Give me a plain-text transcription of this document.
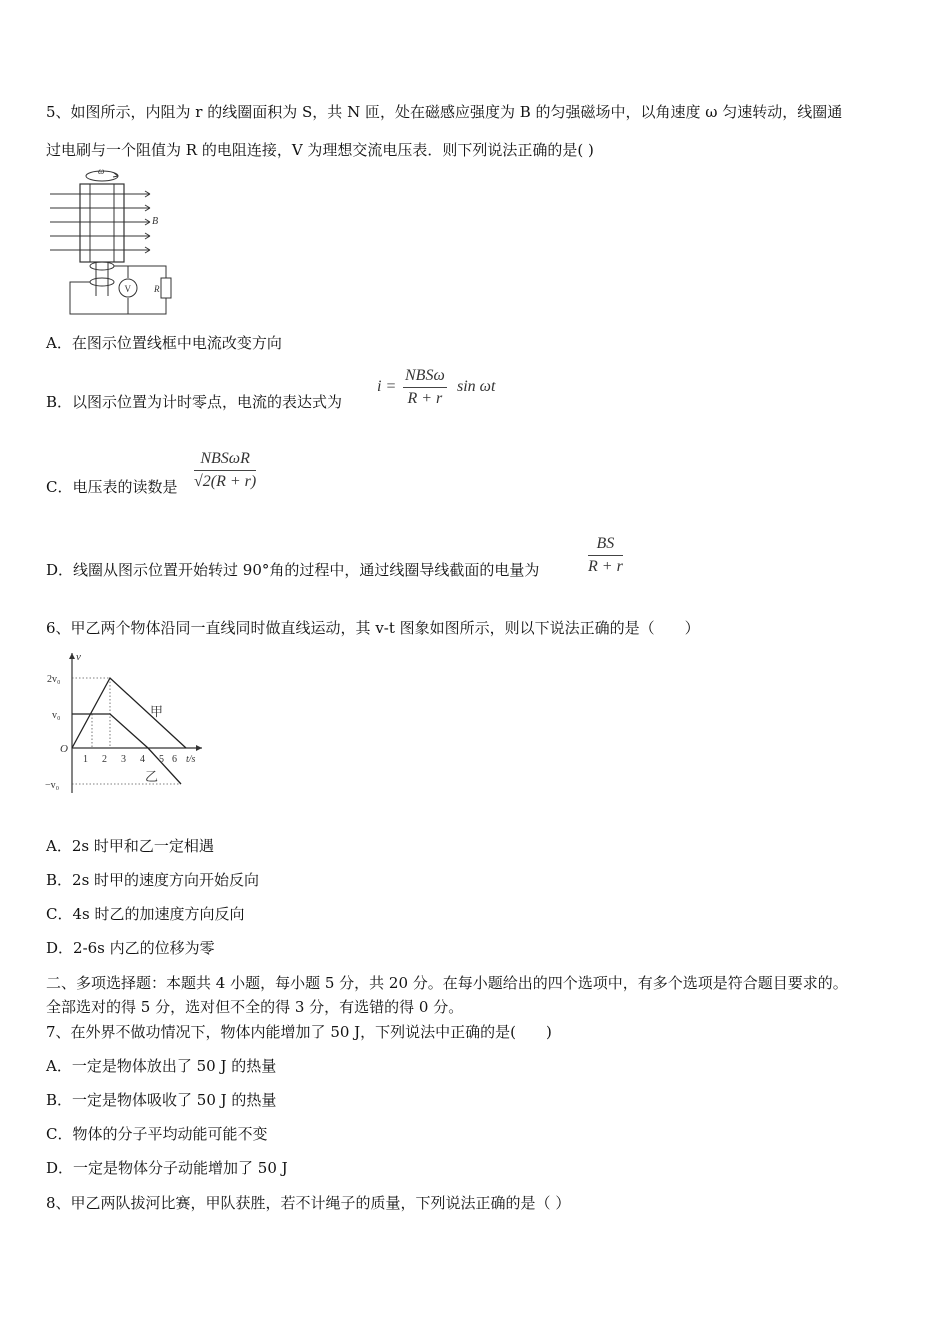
5、如图所示，内阻为 r 的线圈面积为 S，共 N 匝，处在磁感应强度为 B 的匀强磁场中，以角速度 ω 匀速转动，线圈通
过电刷与一个阻值为 R 的电阻连接，V 为理想交流电压表．则下列说法正确的是( )
ω
B
R
V
A．在图示位置线框中电流改变方向
B．以图示位置为计时零点，电流的表达式为
i =
NBSω
R + r
sin ωt
C．电压表的读数是
NBSωR
√2(R + r)
D．线圈从图示位置开始转过 90°角的过程中，通过线圈导线截面的电量为	$\frac{BS}{R + r}$
6、甲乙两个物体沿同一直线同时做直线运动，其 v-t 图象如图所示，则以下说法正确的是（　　）
v
O
2v₀
v₀
−v₀
1 2 3 4 5 6 t/s
甲
乙
A．2s 时甲和乙一定相遇
B．2s 时甲的速度方向开始反向
C．4s 时乙的加速度方向反向
D．2-6s 内乙的位移为零
二、多项选择题：本题共 4 小题，每小题 5 分，共 20 分。在每小题给出的四个选项中，有多个选项是符合题目要求的。
全部选对的得 5 分，选对但不全的得 3 分，有选错的得 0 分。
7、在外界不做功情况下，物体内能增加了 50 J，下列说法中正确的是(　　)
A．一定是物体放出了 50 J 的热量
B．一定是物体吸收了 50 J 的热量
C．物体的分子平均动能可能不变
D．一定是物体分子动能增加了 50 J
8、甲乙两队拔河比赛，甲队获胜，若不计绳子的质量，下列说法正确的是（ ）
